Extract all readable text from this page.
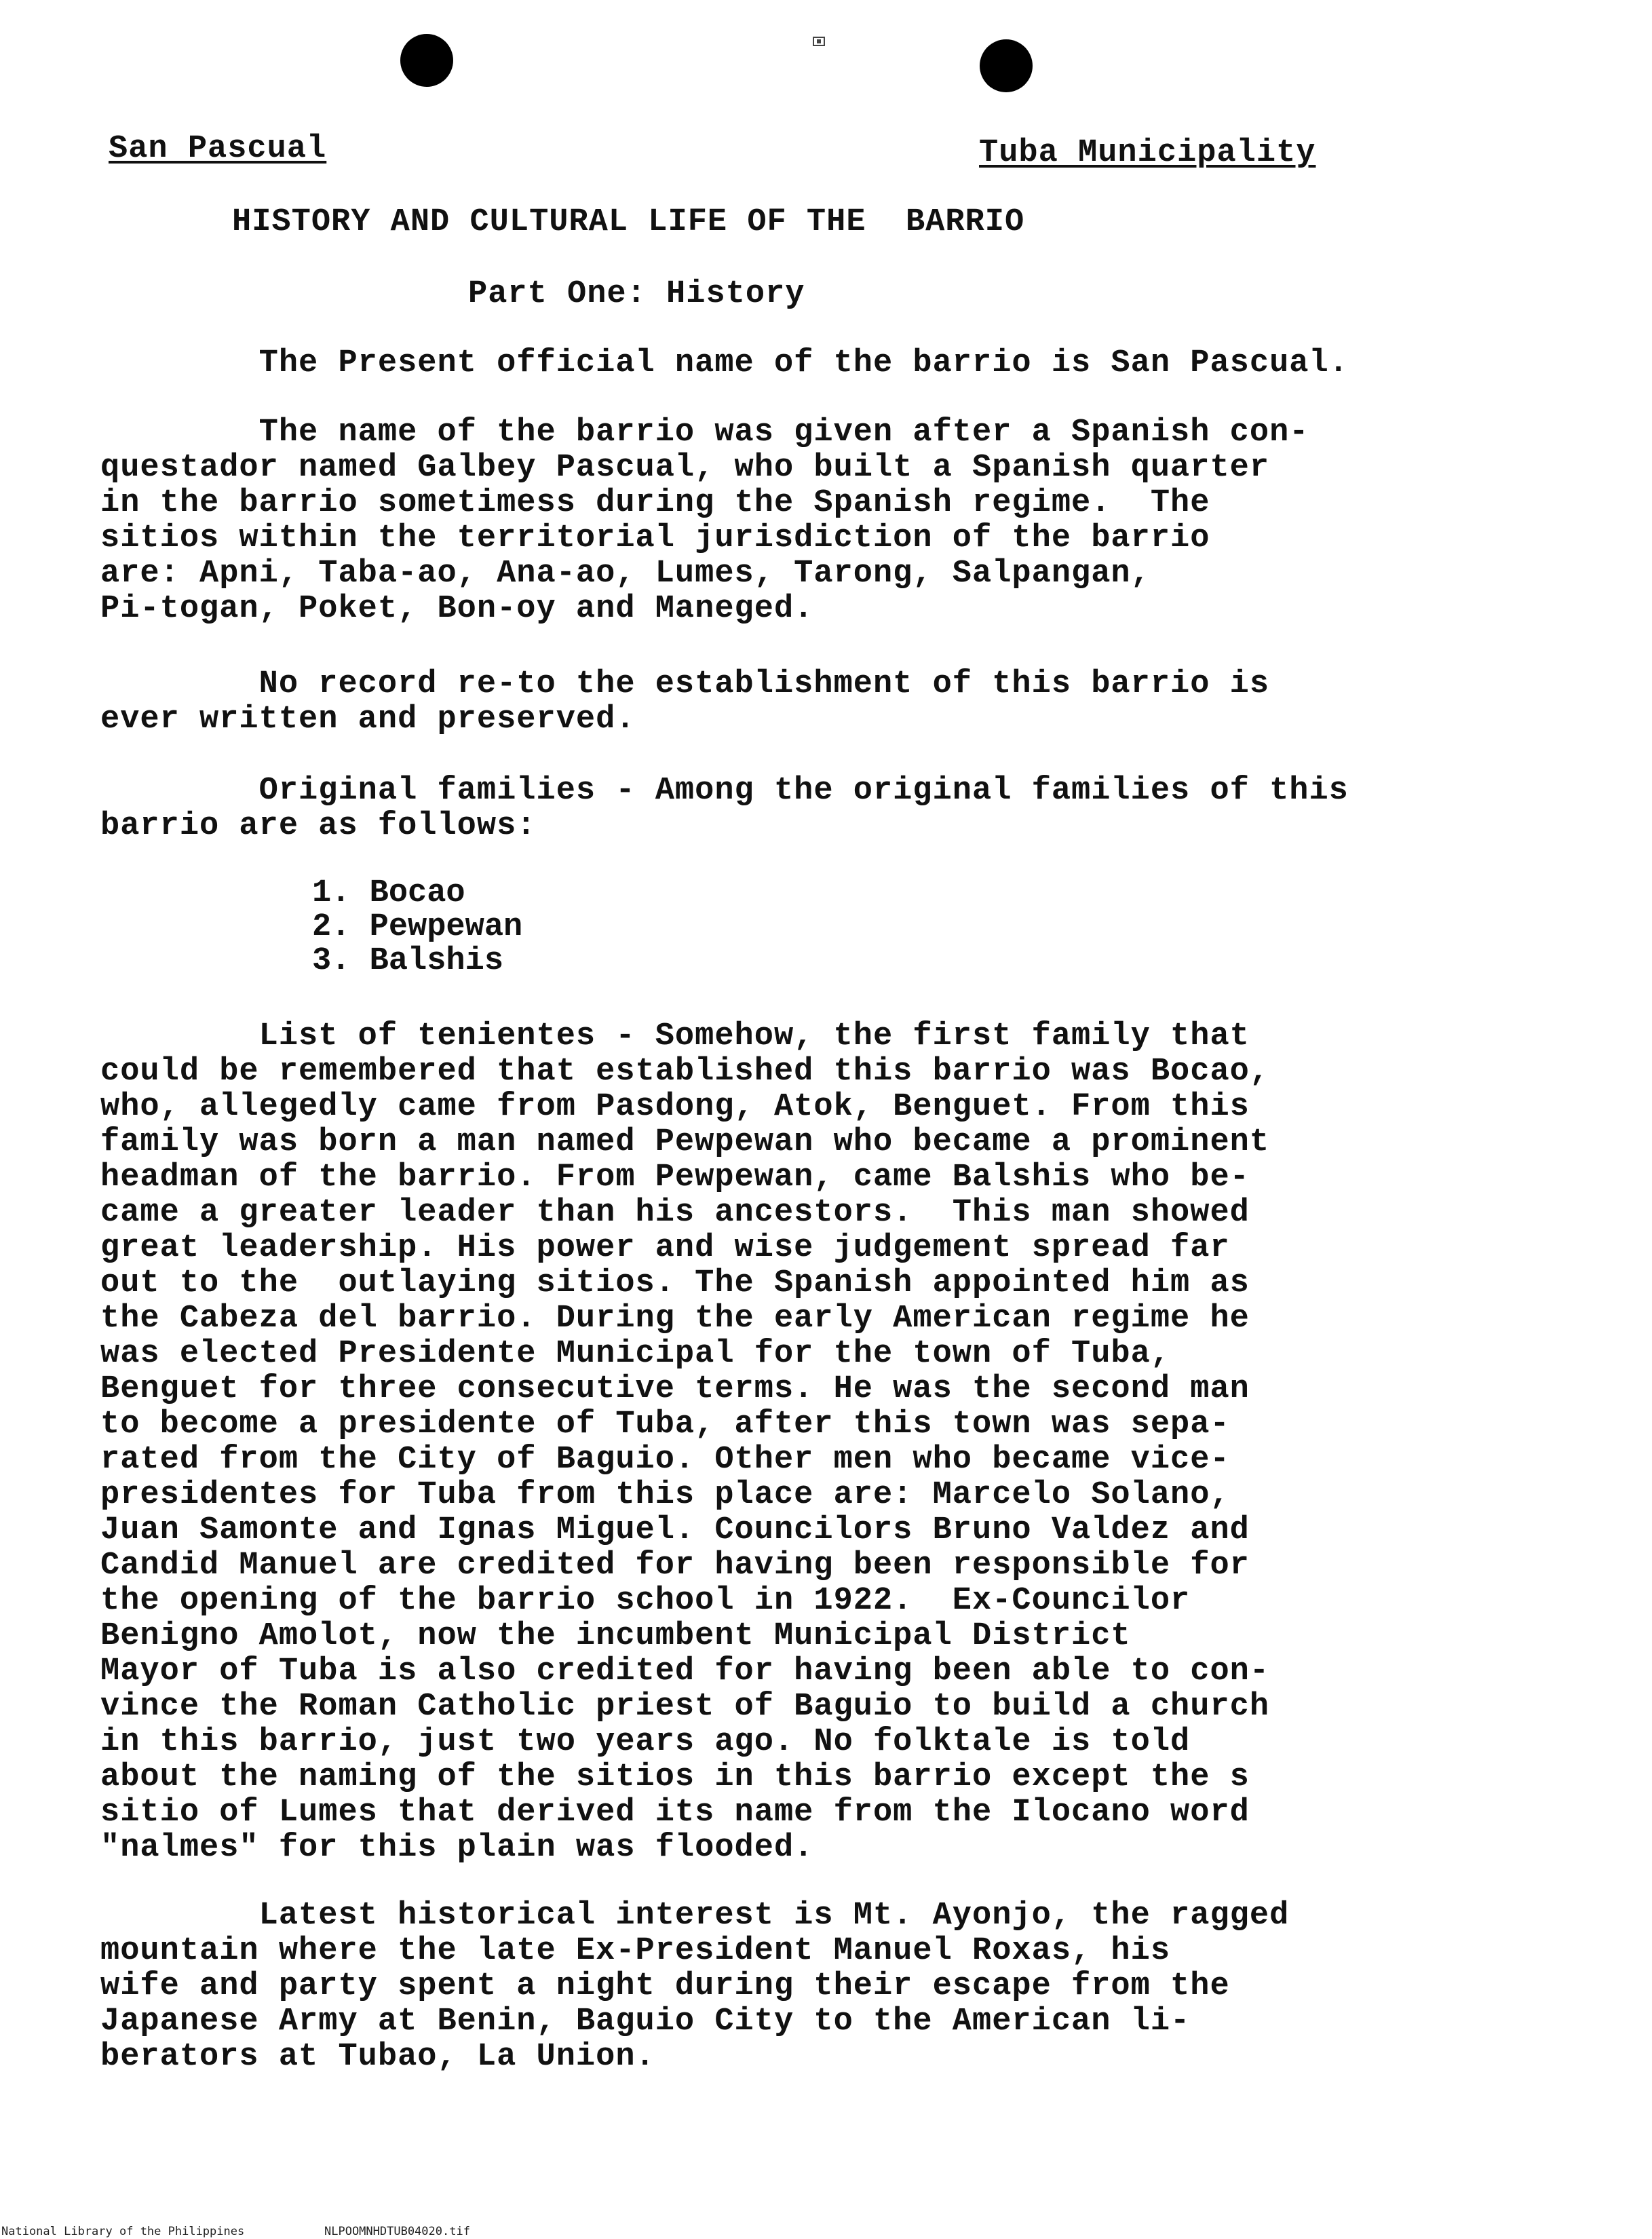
San Pascual	Tuba Municipality
HISTORY AND CULTURAL LIFE OF THE  BARRIO
Part One: History
The Present official name of the barrio is San Pascual.
The name of the barrio was given after a Spanish con-
questador named Galbey Pascual, who built a Spanish quarter
in the barrio sometimess during the Spanish regime.  The
sitios within the territorial jurisdiction of the barrio
are: Apni, Taba-ao, Ana-ao, Lumes, Tarong, Salpangan,
Pi-togan, Poket, Bon-oy and Maneged.
No record re-to the establishment of this barrio is
ever written and preserved.
Original families - Among the original families of this
barrio are as follows:
1. Bocao
2. Pewpewan
3. Balshis
List of tenientes - Somehow, the first family that
could be remembered that established this barrio was Bocao,
who, allegedly came from Pasdong, Atok, Benguet. From this
family was born a man named Pewpewan who became a prominent
headman of the barrio. From Pewpewan, came Balshis who be-
came a greater leader than his ancestors.  This man showed
great leadership. His power and wise judgement spread far
out to the  outlaying sitios. The Spanish appointed him as
the Cabeza del barrio. During the early American regime he
was elected Presidente Municipal for the town of Tuba,
Benguet for three consecutive terms. He was the second man
to become a presidente of Tuba, after this town was sepa-
rated from the City of Baguio. Other men who became vice-
presidentes for Tuba from this place are: Marcelo Solano,
Juan Samonte and Ignas Miguel. Councilors Bruno Valdez and
Candid Manuel are credited for having been responsible for
the opening of the barrio school in 1922.  Ex-Councilor
Benigno Amolot, now the incumbent Municipal District
Mayor of Tuba is also credited for having been able to con-
vince the Roman Catholic priest of Baguio to build a church
in this barrio, just two years ago. No folktale is told
about the naming of the sitios in this barrio except the s
sitio of Lumes that derived its name from the Ilocano word
"nalmes" for this plain was flooded.
Latest historical interest is Mt. Ayonjo, the ragged
mountain where the late Ex-President Manuel Roxas, his
wife and party spent a night during their escape from the
Japanese Army at Benin, Baguio City to the American li-
berators at Tubao, La Union.
National Library of the Philippines	NLPOOMNHDTUB04020.tif
